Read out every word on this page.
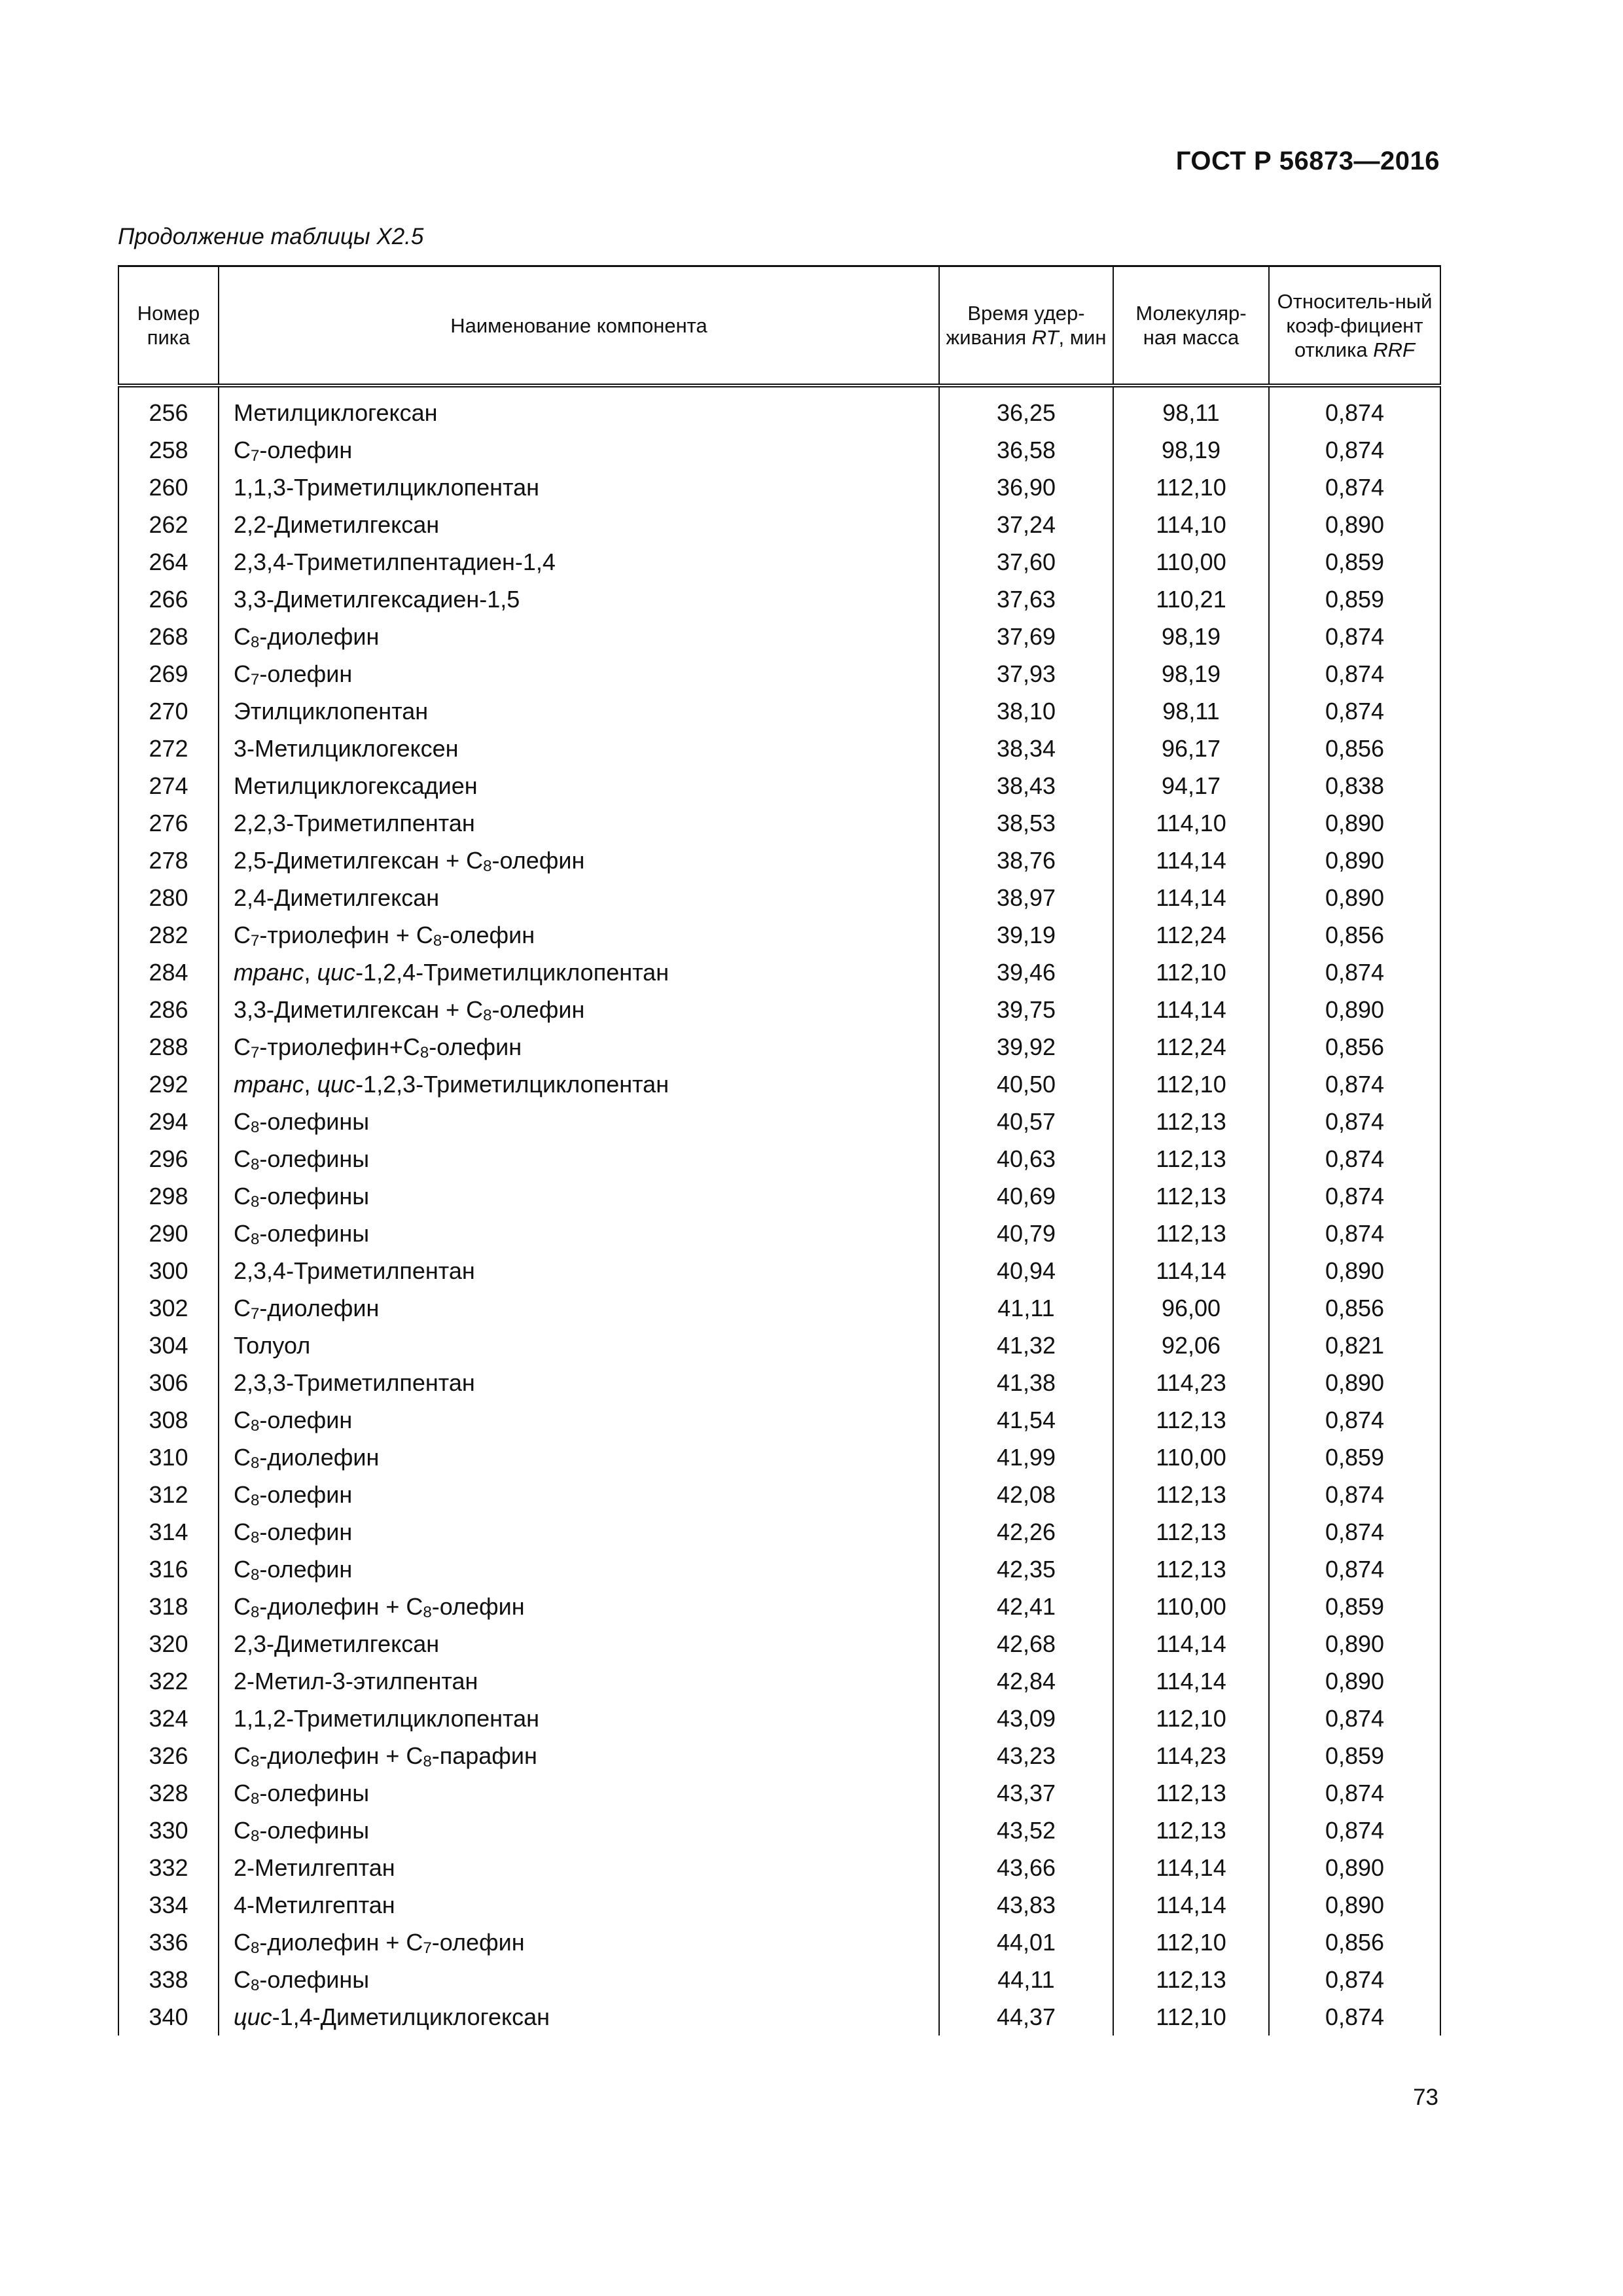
ГОСТ Р 56873—2016
Продолжение таблицы X2.5
Номер пика	Наименование компонента	Время удер-живания RT, мин	Молекуляр-ная масса	Относитель-ный коэф-фициент отклика RRF
256	Метилциклогексан	36,25	98,11	0,874
258	$C_7$-олефин	36,58	98,19	0,874
260	1,1,3-Триметилциклопентан	36,90	112,10	0,874
262	2,2-Диметилгексан	37,24	114,10	0,890
264	2,3,4-Триметилпентадиен-1,4	37,60	110,00	0,859
266	3,3-Диметилгексадиен-1,5	37,63	110,21	0,859
268	$C_8$-диолефин	37,69	98,19	0,874
269	$C_7$-олефин	37,93	98,19	0,874
270	Этилциклопентан	38,10	98,11	0,874
272	3-Метилциклогексен	38,34	96,17	0,856
274	Метилциклогексадиен	38,43	94,17	0,838
276	2,2,3-Триметилпентан	38,53	114,10	0,890
278	2,5-Диметилгексан + $C_8$-олефин	38,76	114,14	0,890
280	2,4-Диметилгексан	38,97	114,14	0,890
282	$C_7$-триолефин + $C_8$-олефин	39,19	112,24	0,856
284	транс, цис-1,2,4-Триметилциклопентан	39,46	112,10	0,874
286	3,3-Диметилгексан + $C_8$-олефин	39,75	114,14	0,890
288	$C_7-триолефин+C_8$-олефин	39,92	112,24	0,856
292	транс, цис-1,2,3-Триметилциклопентан	40,50	112,10	0,874
294	$C_8$-олефины	40,57	112,13	0,874
296	$C_8$-олефины	40,63	112,13	0,874
298	$C_8$-олефины	40,69	112,13	0,874
290	$C_8$-олефины	40,79	112,13	0,874
300	2,3,4-Триметилпентан	40,94	114,14	0,890
302	$C_7$-диолефин	41,11	96,00	0,856
304	Толуол	41,32	92,06	0,821
306	2,3,3-Триметилпентан	41,38	114,23	0,890
308	$C_8$-олефин	41,54	112,13	0,874
310	$C_8$-диолефин	41,99	110,00	0,859
312	$C_8$-олефин	42,08	112,13	0,874
314	$C_8$-олефин	42,26	112,13	0,874
316	$C_8$-олефин	42,35	112,13	0,874
318	$C_8$-диолефин + $C_8$-олефин	42,41	110,00	0,859
320	2,3-Диметилгексан	42,68	114,14	0,890
322	2-Метил-3-этилпентан	42,84	114,14	0,890
324	1,1,2-Триметилциклопентан	43,09	112,10	0,874
326	$C_8$-диолефин + $C_8$-парафин	43,23	114,23	0,859
328	$C_8$-олефины	43,37	112,13	0,874
330	$C_8$-олефины	43,52	112,13	0,874
332	2-Метилгептан	43,66	114,14	0,890
334	4-Метилгептан	43,83	114,14	0,890
336	$C_8$-диолефин + $C_7$-олефин	44,01	112,10	0,856
338	$C_8$-олефины	44,11	112,13	0,874
340	цис-1,4-Диметилциклогексан	44,37	112,10	0,874
73
